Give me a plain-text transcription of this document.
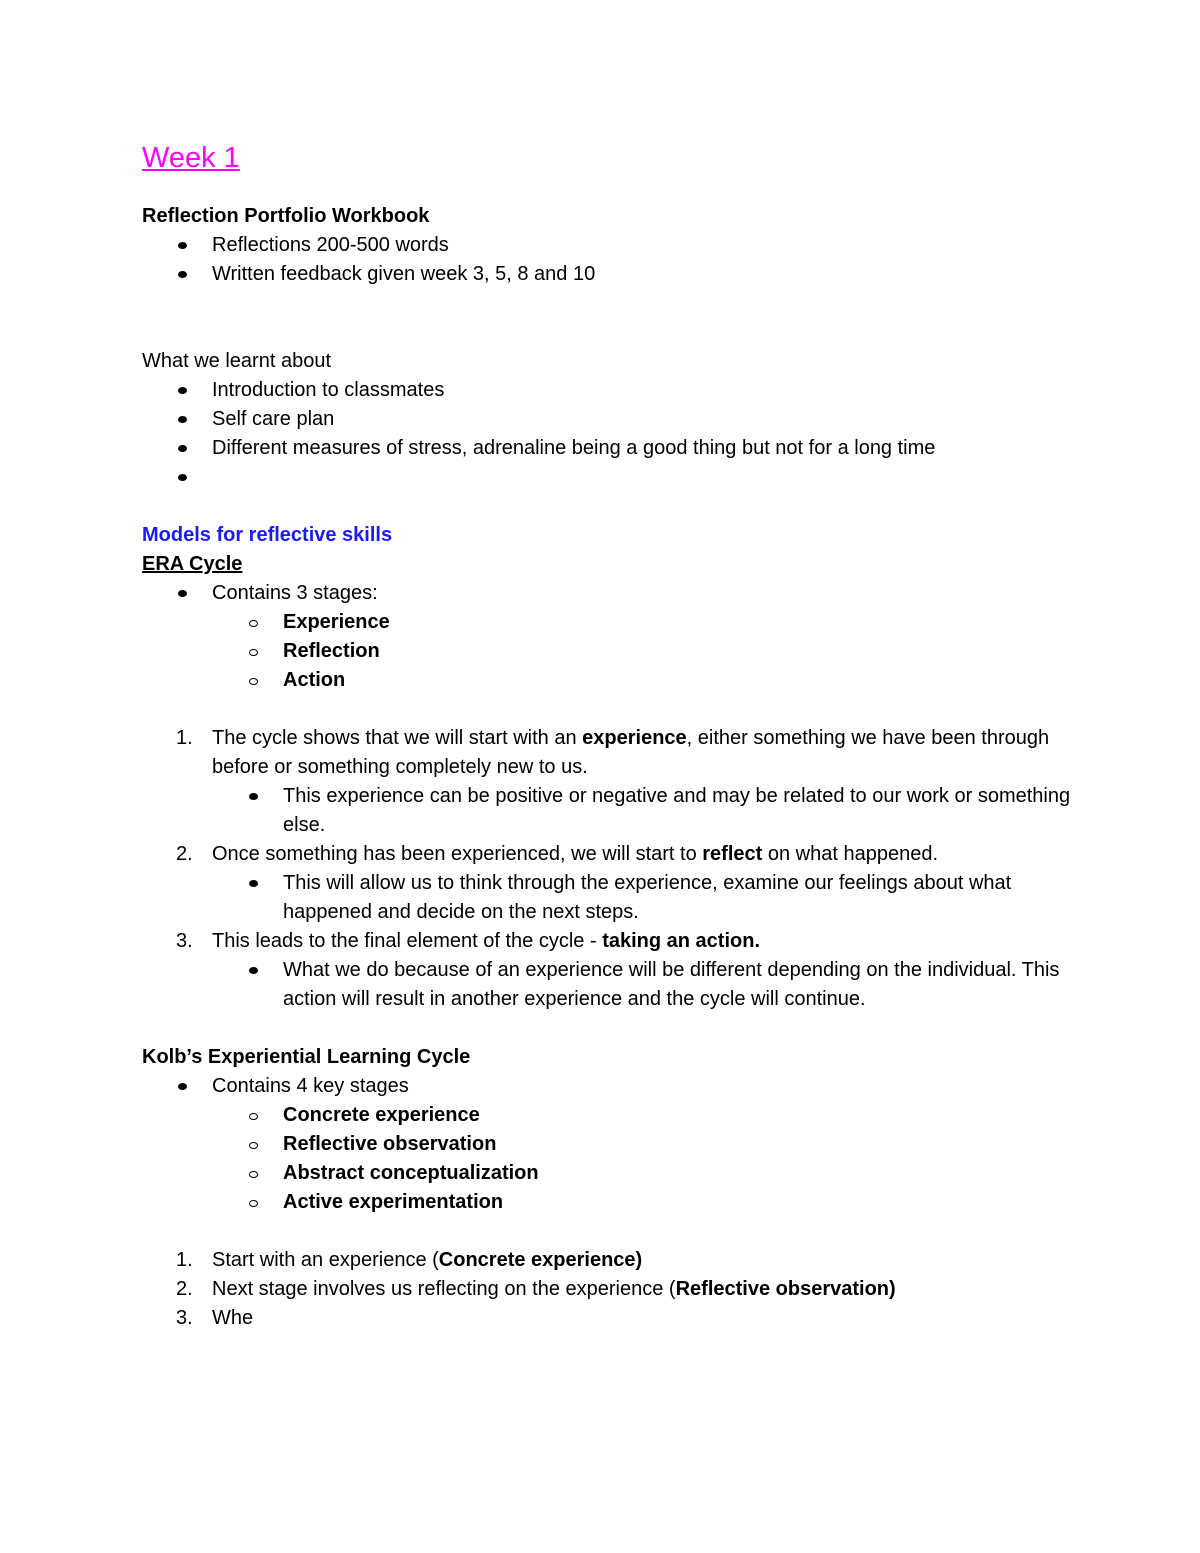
Week 1

Reflection Portfolio Workbook

Reflections 200-500 words
Written feedback given week 3, 5, 8 and 10

What we learnt about

Introduction to classmates
Self care plan
Different measures of stress, adrenaline being a good thing but not for a long time

Models for reflective skills

ERA Cycle

Contains 3 stages:
Experience
Reflection
Action
1. The cycle shows that we will start with an experience, either something we have been through before or something completely new to us.
This experience can be positive or negative and may be related to our work or something else.
2. Once something has been experienced, we will start to reflect on what happened.
This will allow us to think through the experience, examine our feelings about what happened and decide on the next steps.
3. This leads to the final element of the cycle - taking an action.
What we do because of an experience will be different depending on the individual. This action will result in another experience and the cycle will continue.

Kolb’s Experiential Learning Cycle

Contains 4 key stages
Concrete experience
Reflective observation
Abstract conceptualization
Active experimentation
1. Start with an experience (Concrete experience)
2. Next stage involves us reflecting on the experience (Reflective observation)
3. Whe
